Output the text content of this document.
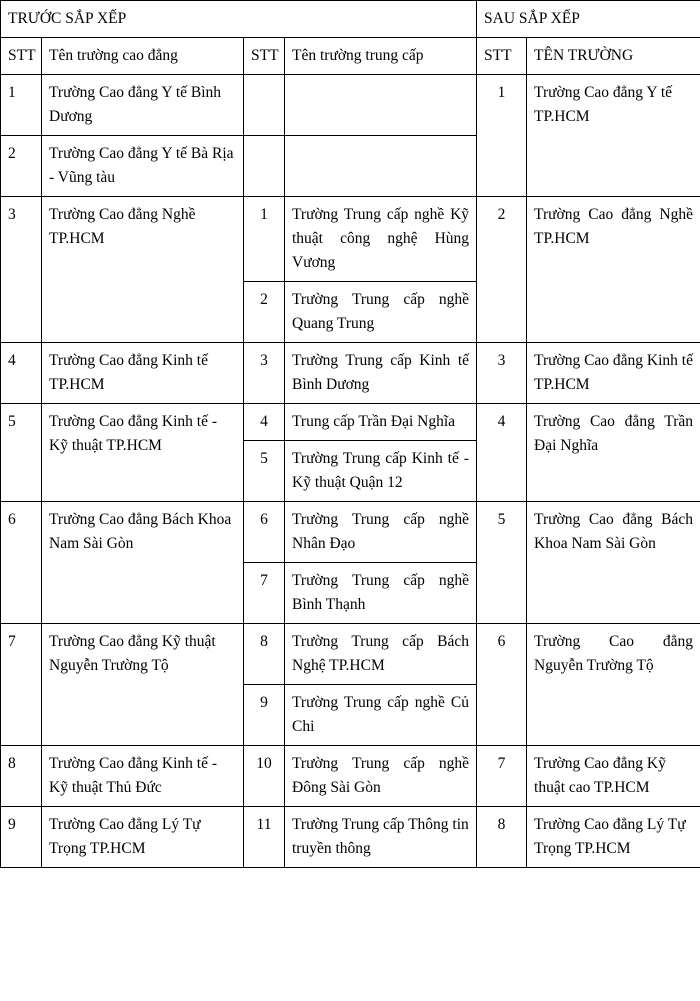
TRƯỚC SẮP XẾP				SAU SẮP XẾP	
STT	Tên trường cao đẳng	STT	Tên trường trung cấp	STT	TÊN TRƯỜNG
1	Trường Cao đẳng Y tế Bình Dương			1	Trường Cao đẳng Y tế TP.HCM
2	Trường Cao đẳng Y tế Bà Rịa - Vũng tàu				
3	Trường Cao đẳng Nghề TP.HCM	1	Trường Trung cấp nghề Kỹ thuật công nghệ Hùng Vương	2	Trường Cao đẳng Nghề TP.HCM
		2	Trường Trung cấp nghề Quang Trung		
4	Trường Cao đẳng Kinh tế TP.HCM	3	Trường Trung cấp Kinh tế Bình Dương	3	Trường Cao đẳng Kinh tế TP.HCM
5	Trường Cao đẳng Kinh tế - Kỹ thuật TP.HCM	4	Trung cấp Trần Đại Nghĩa	4	Trường Cao đẳng Trần Đại Nghĩa
		5	Trường Trung cấp Kinh tế - Kỹ thuật Quận 12		
6	Trường Cao đẳng Bách Khoa Nam Sài Gòn	6	Trường Trung cấp nghề Nhân Đạo	5	Trường Cao đẳng Bách Khoa Nam Sài Gòn
		7	Trường Trung cấp nghề Bình Thạnh		
7	Trường Cao đẳng Kỹ thuật Nguyễn Trường Tộ	8	Trường Trung cấp Bách Nghệ TP.HCM	6	Trường Cao đẳng Nguyễn Trường Tộ
		9	Trường Trung cấp nghề Củ Chi		
8	Trường Cao đẳng Kinh tế - Kỹ thuật Thủ Đức	10	Trường Trung cấp nghề Đông Sài Gòn	7	Trường Cao đẳng Kỹ thuật cao TP.HCM
9	Trường Cao đẳng Lý Tự Trọng TP.HCM	11	Trường Trung cấp Thông tin truyền thông	8	Trường Cao đẳng Lý Tự Trọng TP.HCM
